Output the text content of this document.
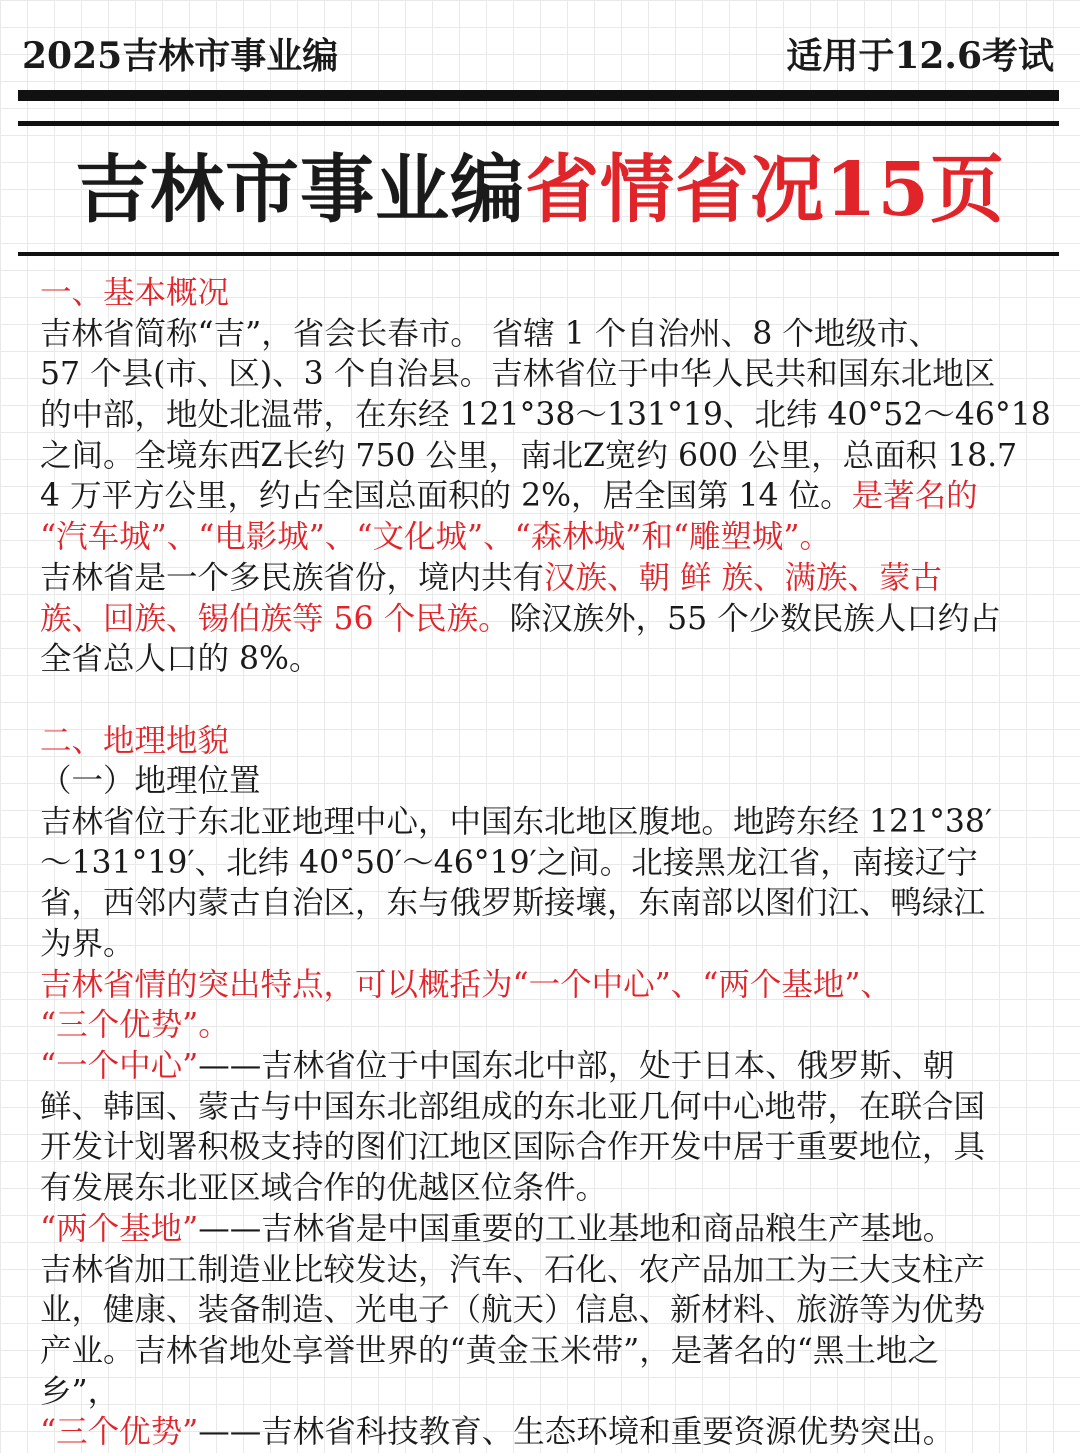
2025吉林市事业编	适用于12.6考试
吉林市事业编省情省况15页
一、基本概况
吉林省简称“吉”，省会长春市。 省辖 1 个自治州、8 个地级市、
57 个县(市、区)、3 个自治县。吉林省位于中华人民共和国东北地区
的中部，地处北温带，在东经 121°38～131°19、北纬 40°52～46°18
之间。全境东西Z长约 750 公里，南北Z宽约 600 公里，总面积 18.7
4 万平方公里，约占全国总面积的 2%，居全国第 14 位。是著名的
“汽车城”、“电影城”、“文化城”、“森林城”和“雕塑城”。
吉林省是一个多民族省份，境内共有汉族、朝 鲜 族、满族、蒙古
族、回族、锡伯族等 56 个民族。除汉族外，55 个少数民族人口约占
全省总人口的 8%。
二、地理地貌
（一）地理位置
吉林省位于东北亚地理中心，中国东北地区腹地。地跨东经 121°38′
～131°19′、北纬 40°50′～46°19′之间。北接黑龙江省，南接辽宁
省，西邻内蒙古自治区，东与俄罗斯接壤，东南部以图们江、鸭绿江
为界。
吉林省情的突出特点，可以概括为“一个中心”、“两个基地”、
“三个优势”。
“一个中心”——吉林省位于中国东北中部，处于日本、俄罗斯、朝
鲜、韩国、蒙古与中国东北部组成的东北亚几何中心地带，在联合国
开发计划署积极支持的图们江地区国际合作开发中居于重要地位，具
有发展东北亚区域合作的优越区位条件。
“两个基地”——吉林省是中国重要的工业基地和商品粮生产基地。
吉林省加工制造业比较发达，汽车、石化、农产品加工为三大支柱产
业，健康、装备制造、光电子（航天）信息、新材料、旅游等为优势
产业。吉林省地处享誉世界的“黄金玉米带”，是著名的“黑土地之
乡”，
“三个优势”——吉林省科技教育、生态环境和重要资源优势突出。
